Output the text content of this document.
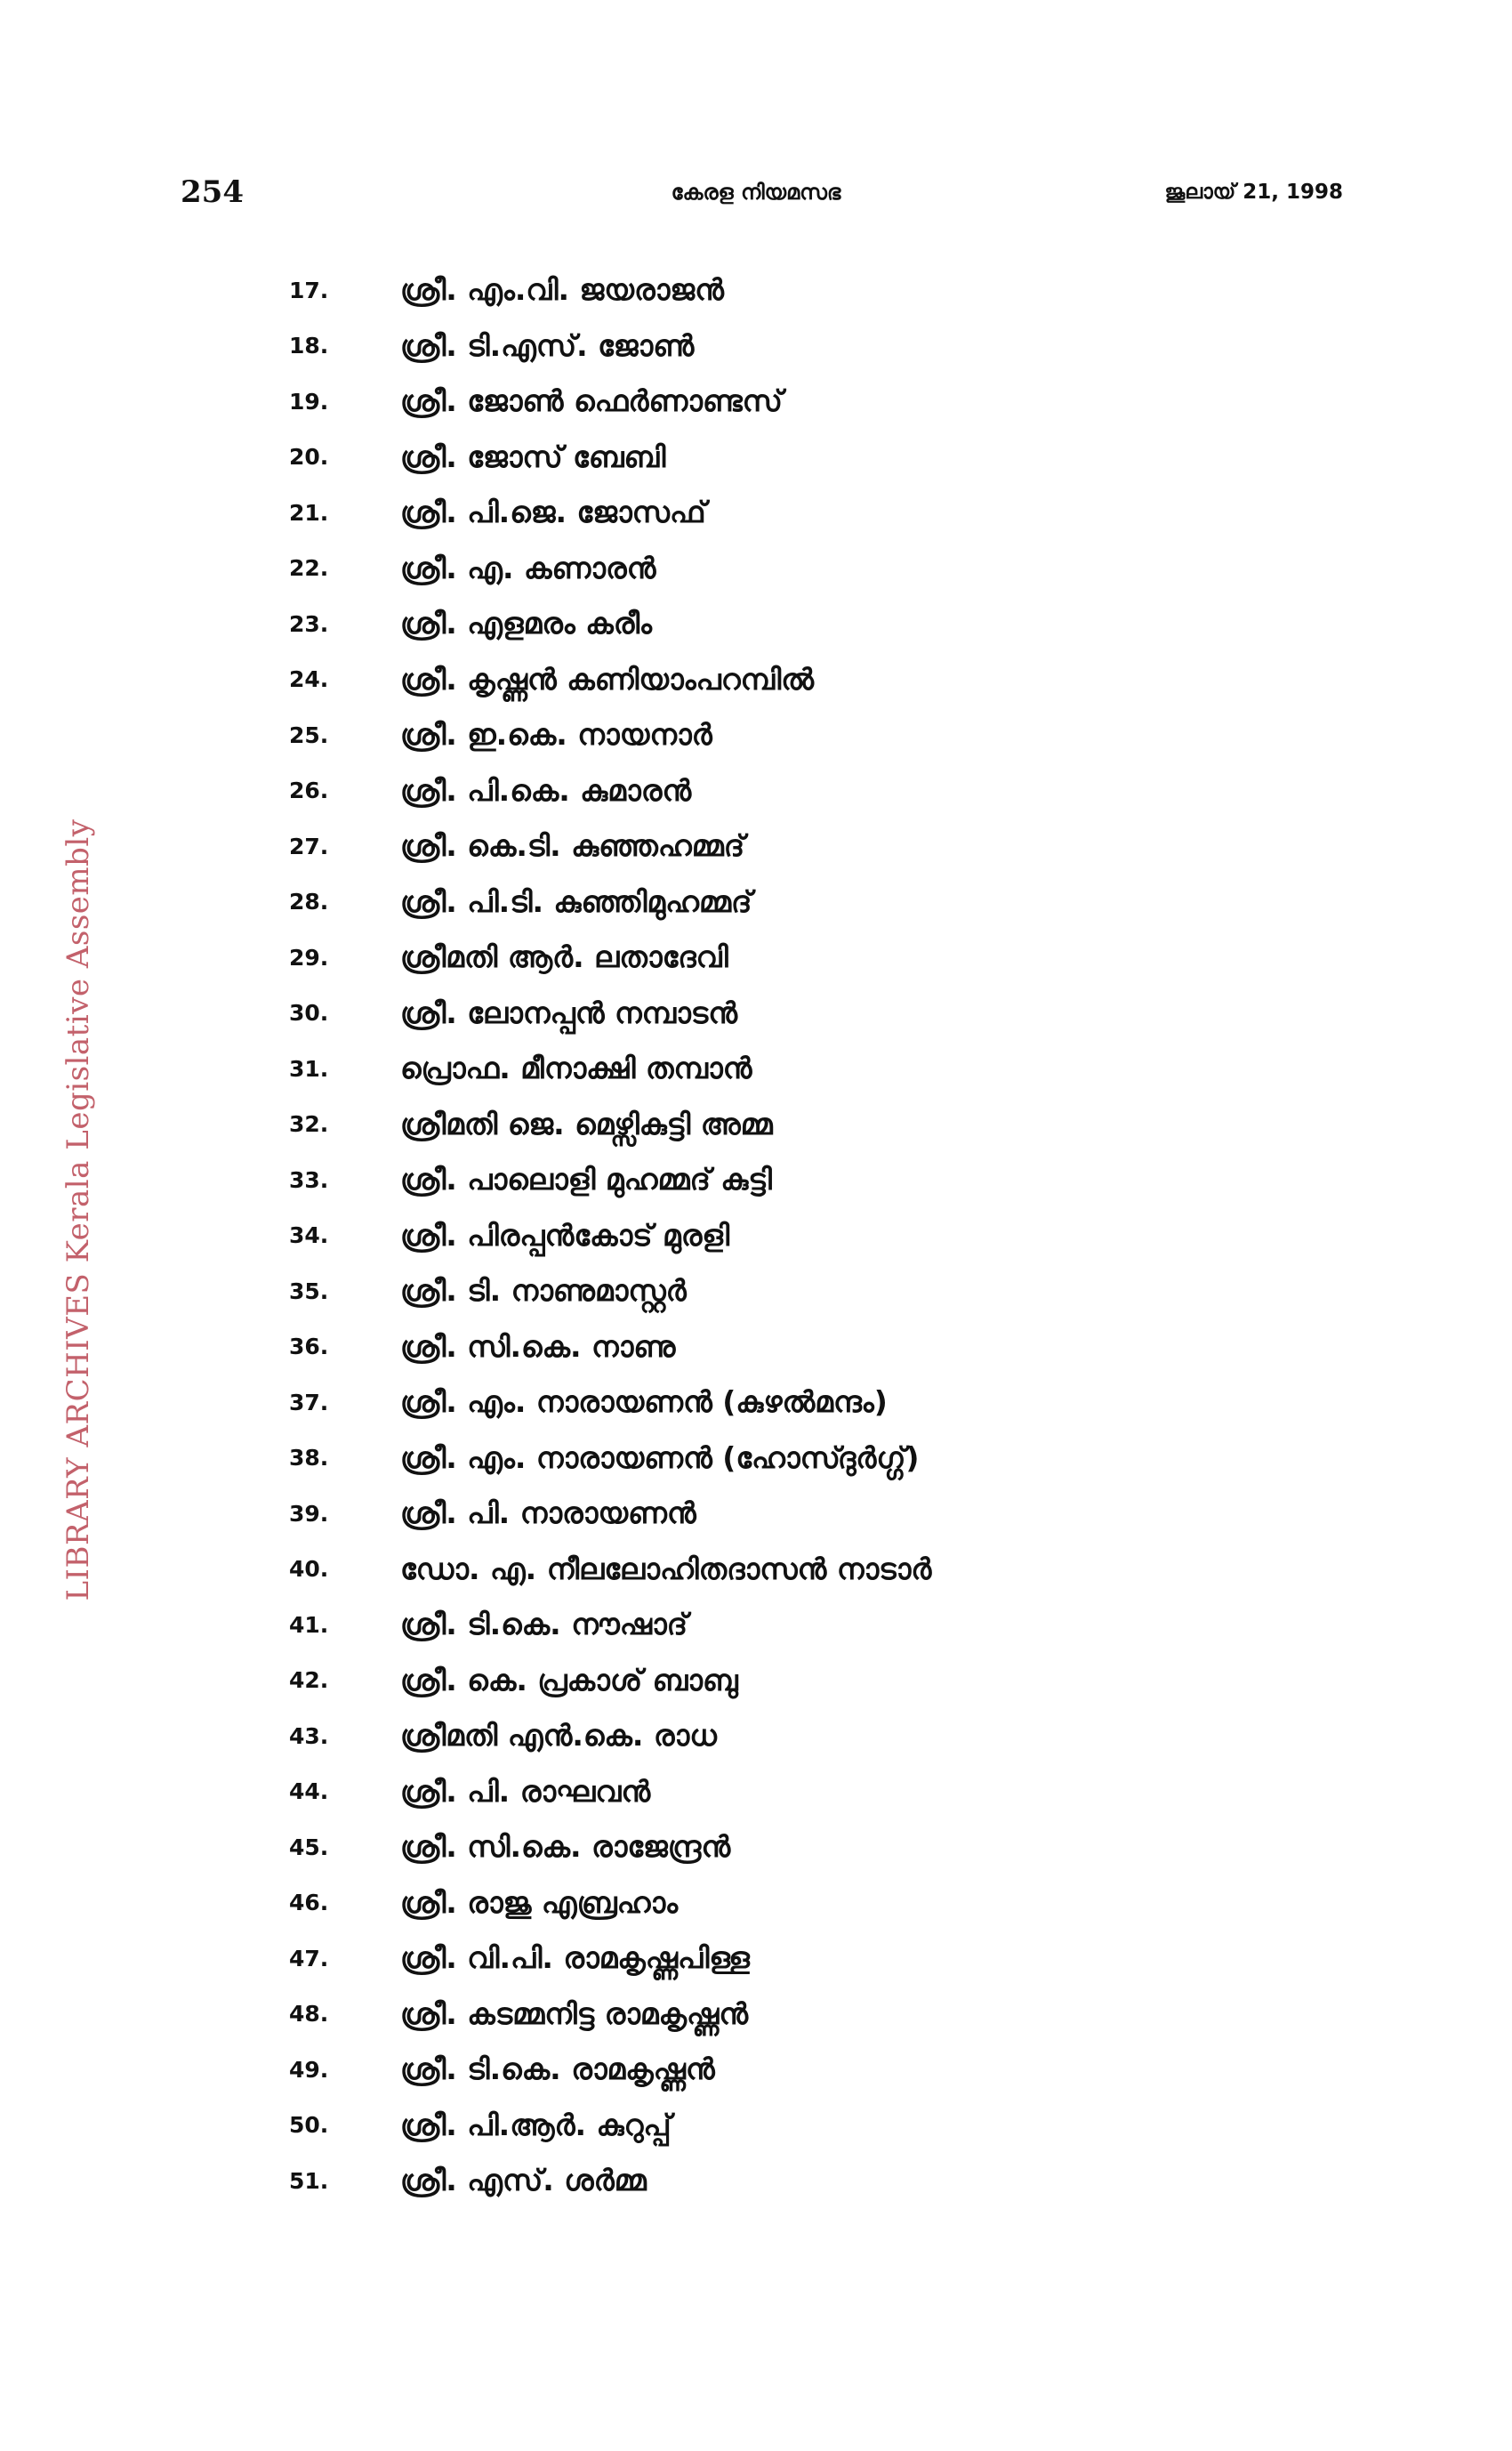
254	കേരള നിയമസഭ	ജൂലായ് 21, 1998
LIBRARY ARCHIVES Kerala Legislative Assembly
17.	ശ്രീ. എം.വി. ജയരാജൻ
18.	ശ്രീ. ടി.എസ്. ജോൺ
19.	ശ്രീ. ജോൺ ഫെർണാണ്ടസ്
20.	ശ്രീ. ജോസ് ബേബി
21.	ശ്രീ. പി.ജെ. ജോസഫ്
22.	ശ്രീ. എ. കണാരൻ
23.	ശ്രീ. എളമരം കരീം
24.	ശ്രീ. കൃഷ്ണൻ കണിയാംപറമ്പിൽ
25.	ശ്രീ. ഇ.കെ. നായനാർ
26.	ശ്രീ. പി.കെ. കുമാരൻ
27.	ശ്രീ. കെ.ടി. കുഞ്ഞഹമ്മദ്
28.	ശ്രീ. പി.ടി. കുഞ്ഞിമുഹമ്മദ്
29.	ശ്രീമതി ആർ. ലതാദേവി
30.	ശ്രീ. ലോനപ്പൻ നമ്പാടൻ
31.	പ്രൊഫ. മീനാക്ഷി തമ്പാൻ
32.	ശ്രീമതി ജെ. മെഴ്സികുട്ടി അമ്മ
33.	ശ്രീ. പാലൊളി മുഹമ്മദ് കുട്ടി
34.	ശ്രീ. പിരപ്പൻകോട് മുരളി
35.	ശ്രീ. ടി. നാണുമാസ്റ്റർ
36.	ശ്രീ. സി.കെ. നാണു
37.	ശ്രീ. എം. നാരായണൻ (കുഴൽമന്ദം)
38.	ശ്രീ. എം. നാരായണൻ (ഹോസ്ദുർഗ്ഗ്)
39.	ശ്രീ. പി. നാരായണൻ
40.	ഡോ. എ. നീലലോഹിതദാസൻ നാടാർ
41.	ശ്രീ. ടി.കെ. നൗഷാദ്
42.	ശ്രീ. കെ. പ്രകാശ് ബാബു
43.	ശ്രീമതി എൻ.കെ. രാധ
44.	ശ്രീ. പി. രാഘവൻ
45.	ശ്രീ. സി.കെ. രാജേന്ദ്രൻ
46.	ശ്രീ. രാജു എബ്രഹാം
47.	ശ്രീ. വി.പി. രാമകൃഷ്ണപിള്ള
48.	ശ്രീ. കടമ്മനിട്ട രാമകൃഷ്ണൻ
49.	ശ്രീ. ടി.കെ. രാമകൃഷ്ണൻ
50.	ശ്രീ. പി.ആർ. കുറുപ്പ്
51.	ശ്രീ. എസ്. ശർമ്മ
